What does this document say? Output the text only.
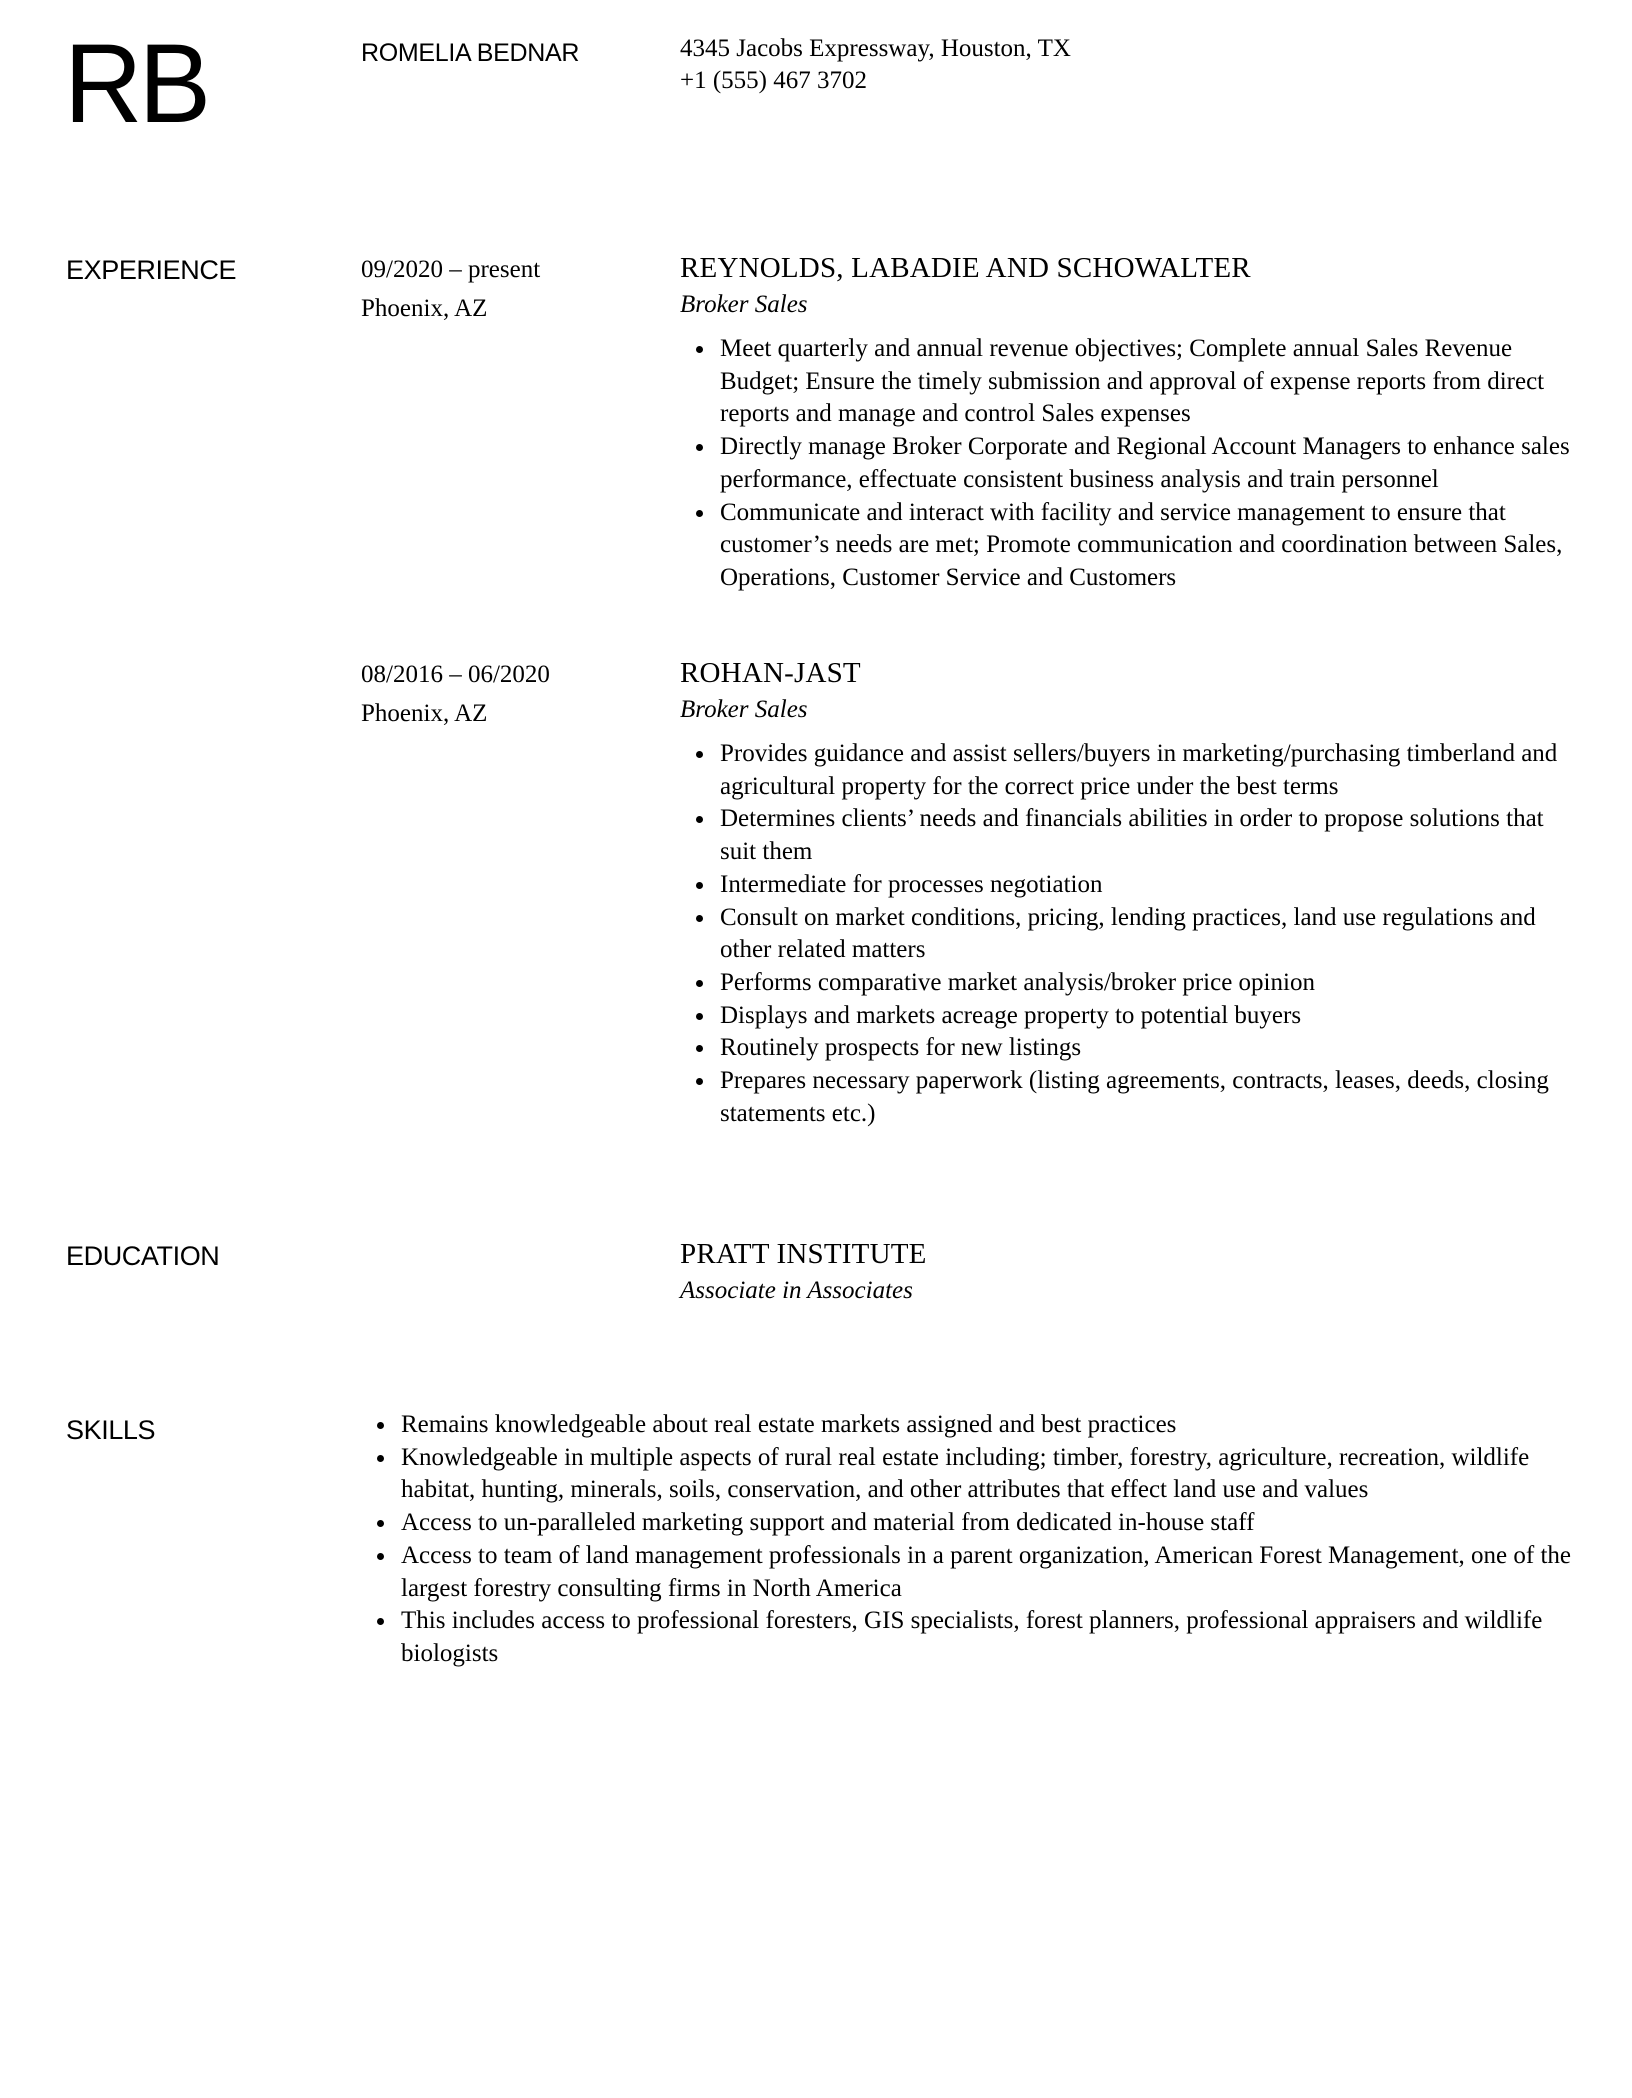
RB	ROMELIA BEDNAR	4345 Jacobs Expressway, Houston, TX
+1 (555) 467 3702
EXPERIENCE	09/2020 – present
Phoenix, AZ
REYNOLDS, LABADIE AND SCHOWALTER
Broker Sales
Meet quarterly and annual revenue objectives; Complete annual Sales Revenue Budget; Ensure the timely submission and approval of expense reports from direct reports and manage and control Sales expenses
Directly manage Broker Corporate and Regional Account Managers to enhance sales performance, effectuate consistent business analysis and train personnel
Communicate and interact with facility and service management to ensure that customer’s needs are met; Promote communication and coordination between Sales, Operations, Customer Service and Customers
08/2016 – 06/2020
Phoenix, AZ
ROHAN-JAST
Broker Sales
Provides guidance and assist sellers/buyers in marketing/purchasing timberland and agricultural property for the correct price under the best terms
Determines clients’ needs and financials abilities in order to propose solutions that suit them
Intermediate for processes negotiation
Consult on market conditions, pricing, lending practices, land use regulations and other related matters
Performs comparative market analysis/broker price opinion
Displays and markets acreage property to potential buyers
Routinely prospects for new listings
Prepares necessary paperwork (listing agreements, contracts, leases, deeds, closing statements etc.)
EDUCATION	PRATT INSTITUTE
Associate in Associates
SKILLS	Remains knowledgeable about real estate markets assigned and best practices
Knowledgeable in multiple aspects of rural real estate including; timber, forestry, agriculture, recreation, wildlife habitat, hunting, minerals, soils, conservation, and other attributes that effect land use and values
Access to un-paralleled marketing support and material from dedicated in-house staff
Access to team of land management professionals in a parent organization, American Forest Management, one of the largest forestry consulting firms in North America
This includes access to professional foresters, GIS specialists, forest planners, professional appraisers and wildlife biologists
